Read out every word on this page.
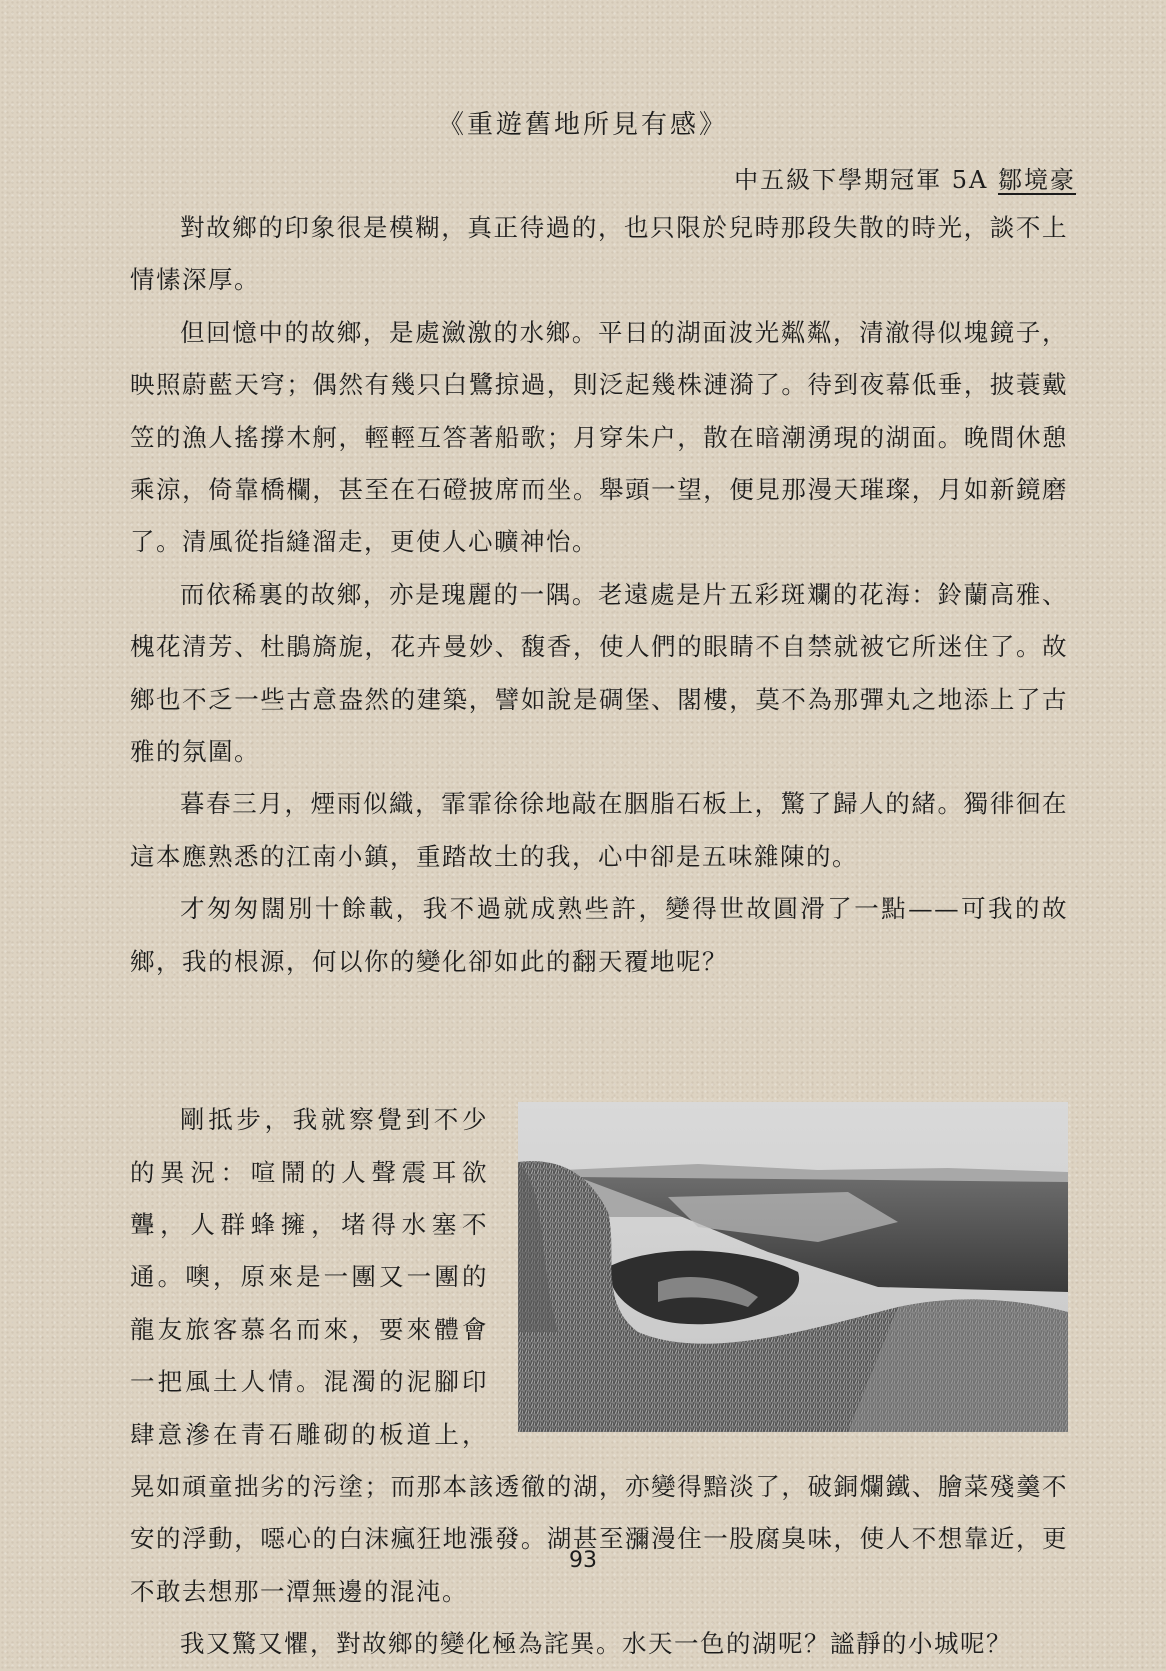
《重遊舊地所見有感》
中五級下學期冠軍 5A 鄒境豪

對故鄉的印象很是模糊，真正待過的，也只限於兒時那段失散的時光，談不上情愫深厚。

但回憶中的故鄉，是處瀲激的水鄉。平日的湖面波光粼粼，清澈得似塊鏡子，映照蔚藍天穹；偶然有幾只白鷺掠過，則泛起幾株漣漪了。待到夜幕低垂，披蓑戴笠的漁人搖撐木舸，輕輕互答著船歌；月穿朱户，散在暗潮湧現的湖面。晚間休憩乘涼，倚靠橋欄，甚至在石磴披席而坐。舉頭一望，便見那漫天璀璨，月如新鏡磨了。清風從指縫溜走，更使人心曠神怡。

而依稀裏的故鄉，亦是瑰麗的一隅。老遠處是片五彩斑斕的花海：鈴蘭高雅、槐花清芳、杜鵑旖旎，花卉曼妙、馥香，使人們的眼睛不自禁就被它所迷住了。故鄉也不乏一些古意盎然的建築，譬如說是碉堡、閣樓，莫不為那彈丸之地添上了古雅的氛圍。

暮春三月，煙雨似織，霏霏徐徐地敲在胭脂石板上，驚了歸人的緒。獨徘徊在這本應熟悉的江南小鎮，重踏故土的我，心中卻是五味雜陳的。

才匆匆闊別十餘載，我不過就成熟些許，變得世故圓滑了一點——可我的故鄉，我的根源，何以你的變化卻如此的翻天覆地呢？

剛抵步，我就察覺到不少的異況：喧鬧的人聲震耳欲聾，人群蜂擁，堵得水塞不通。噢，原來是一團又一團的龍友旅客慕名而來，要來體會一把風土人情。混濁的泥腳印肆意滲在青石雕砌的板道上，晃如頑童拙劣的污塗；而那本該透徹的湖，亦變得黯淡了，破銅爛鐵、膾菜殘羹不安的浮動，噁心的白沫瘋狂地漲發。湖甚至瀰漫住一股腐臭味，使人不想靠近，更不敢去想那一潭無邊的混沌。

我又驚又懼，對故鄉的變化極為詫異。水天一色的湖呢？謐靜的小城呢？

93
